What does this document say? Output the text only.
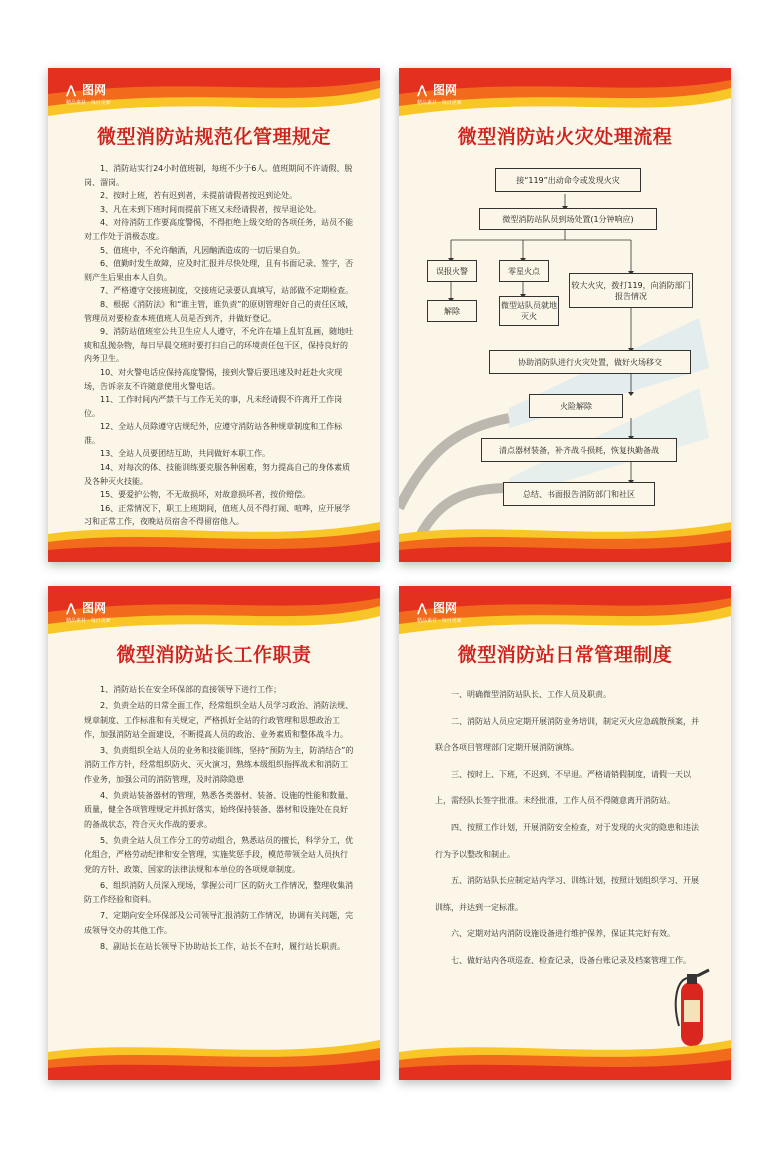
⋀ 图网
精品素材 · 每日更新
微型消防站规范化管理规定

1、消防站实行24小时值班制，每班不少于6人。值班期间不许请假、脱岗、溜岗。

2、按时上班，若有迟到者，未提前请假者按迟到论处。

3、凡在未到下班时间而提前下班又未经请假者，按早退论处。

4、对待消防工作要高度警惕，不得拒绝上级交给的各项任务，站员不能对工作处于消极态度。

5、值班中，不允许酗酒，凡因酗酒造成的一切后果自负。

6、值勤时发生故障，应及时汇报并尽快处理，且有书面记录、签字，否则产生后果由本人自负。

7、严格遵守交接班制度，交接班记录要认真填写，站部做不定期检查。

8、根据《消防法》和“谁主管，谁负责”的原则管理好自己的责任区域，管理员对要检查本班值班人员是否到齐，并做好登记。

9、消防站值班室公共卫生应人人遵守，不允许在墙上乱钉乱画，随地吐痰和乱抛杂物，每日早晨交班时要打扫自己的环境责任包干区，保持良好的内务卫生。

10、对火警电话应保持高度警惕，接到火警后要迅速及时赶赴火灾现场，告诉亲友不许随意使用火警电话。

11、工作时间内严禁干与工作无关的事，凡未经请假不许离开工作岗位。

12、全站人员除遵守店规纪外，应遵守消防站各种规章制度和工作标准。

13、全站人员要团结互助，共同做好本职工作。

14、对每次的体、技能训练要克服各种困难，努力提高自己的身体素质及各种灭火技能。

15、要爱护公物，不无故损坏，对故意损坏者，按价赔偿。

16、正常情况下，职工上班期间，值班人员不得打闹、喧哗，应开展学习和正常工作，夜晚站员宿舍不得留宿他人。

⋀ 图网
精品素材 · 每日更新
微型消防站火灾处理流程
接“119”出动命令或发现火灾
微型消防站队员到场处置(1分钟响应)
误报火警
解除
零星火点
微型站队员就地灭火
较大火灾，拨打119，向消防部门报告情况
协助消防队进行火灾处置，做好火场移交
火险解除
清点器材装备，补齐战斗损耗，恢复执勤备战
总结、书面报告消防部门和社区
⋀ 图网
精品素材 · 每日更新
微型消防站长工作职责

1、消防站长在安全环保部的直接领导下进行工作；

2、负责全站的日常全面工作，经常组织全站人员学习政治、消防法规、规章制度、工作标准和有关规定，严格抓好全站的行政管理和思想政治工作，加强消防站全面建设，不断提高人员的政治、业务素质和整体战斗力。

3、负责组织全站人员的业务和技能训练，坚持“预防为主，防消结合”的消防工作方针，经常组织防火、灭火演习，熟练本级组织指挥战术和消防工作业务，加强公司的消防管理，及时消除隐患

4、负责站装备器材的管理，熟悉各类器材、装备、设施的性能和数量、质量，健全各项管理规定并抓好落实，始终保持装备、器材和设施处在良好的备战状态，符合灭火作战的要求。

5、负责全站人员工作分工的劳动组合，熟悉站员的擅长，科学分工，优化组合，严格劳动纪律和安全管理，实施奖惩手段，模范带领全站人员执行党的方针、政策、国家的法律法规和本单位的各项规章制度。

6、组织消防人员深入现场，掌握公司厂区的防火工作情况，整理收集消防工作经验和资料。

7、定期向安全环保部及公司领导汇报消防工作情况，协调有关问题，完成领导交办的其他工作。

8、副站长在站长领导下协助站长工作，站长不在时，履行站长职责。

⋀ 图网
精品素材 · 每日更新
微型消防站日常管理制度

一、明确微型消防站队长、工作人员及职责。

二、消防站人员应定期开展消防业务培训，制定灭火应急疏散预案，并联合各项目管理部门定期开展消防演练。

三、按时上、下班，不迟到、不早退。严格请销假制度，请假一天以上，需经队长签字批准。未经批准，工作人员不得随意离开消防站。

四、按照工作计划，开展消防安全检查，对于发现的火灾的隐患和违法行为予以整改和制止。

五、消防站队长应制定站内学习、训练计划，按照计划组织学习、开展训练，并达到一定标准。

六、定期对站内消防设施设备进行维护保养，保证其完好有效。

七、做好站内各项巡查、检查记录，设备台账记录及档案管理工作。
